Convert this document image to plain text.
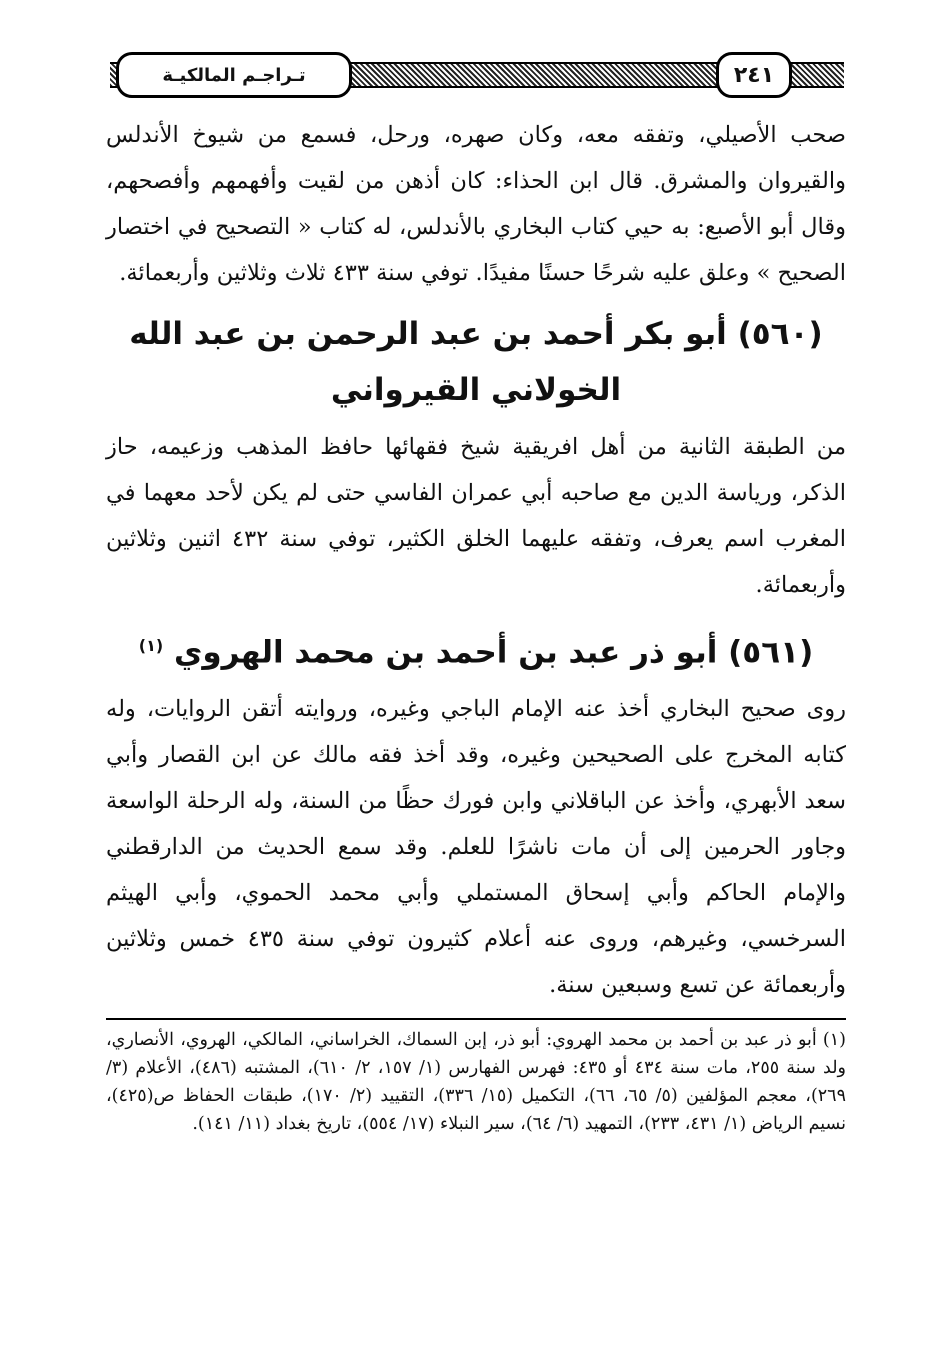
تـراجـم المالكيـة	٢٤١

صحب الأصيلي، وتفقه معه، وكان صهره، ورحل، فسمع من شيوخ الأندلس والقيروان والمشرق. قال ابن الحذاء: كان أذهن من لقيت وأفهمهم وأفصحهم، وقال أبو الأصبع: به حيي كتاب البخاري بالأندلس، له كتاب « التصحيح في اختصار الصحيح » وعلق عليه شرحًا حسنًا مفيدًا. توفي سنة ٤٣٣ ثلاث وثلاثين وأربعمائة.

(٥٦٠) أبو بكر أحمد بن عبد الرحمن بن عبد الله الخولاني القيرواني

من الطبقة الثانية من أهل افريقية شيخ فقهائها حافظ المذهب وزعيمه، حاز الذكر، ورياسة الدين مع صاحبه أبي عمران الفاسي حتى لم يكن لأحد معهما في المغرب اسم يعرف، وتفقه عليهما الخلق الكثير، توفي سنة ٤٣٢ اثنين وثلاثين وأربعمائة.

(٥٦١) أبو ذر عبد بن أحمد بن محمد الهروي $^{(١)}$

روى صحيح البخاري أخذ عنه الإمام الباجي وغيره، وروايته أتقن الروايات، وله كتابه المخرج على الصحيحين وغيره، وقد أخذ فقه مالك عن ابن القصار وأبي سعد الأبهري، وأخذ عن الباقلاني وابن فورك حظًا من السنة، وله الرحلة الواسعة وجاور الحرمين إلى أن مات ناشرًا للعلم. وقد سمع الحديث من الدارقطني والإمام الحاكم وأبي إسحاق المستملي وأبي محمد الحموي، وأبي الهيثم السرخسي، وغيرهم، وروى عنه أعلام كثيرون توفي سنة ٤٣٥ خمس وثلاثين وأربعمائة عن تسع وسبعين سنة.

(١) أبو ذر عبد بن أحمد بن محمد الهروي: أبو ذر، إبن السماك، الخراساني، المالكي، الهروي، الأنصاري، ولد سنة ٢٥٥، مات سنة ٤٣٤ أو ٤٣٥: فهرس الفهارس (١/ ١٥٧، ٢/ ٦١٠)، المشتبه (٤٨٦)، الأعلام (٣/ ٢٦٩)، معجم المؤلفين (٥/ ٦٥، ٦٦)، التكميل (١٥/ ٣٣٦)، التقييد (٢/ ١٧٠)، طبقات الحفاظ ص(٤٢٥)، نسيم الرياض (١/ ٤٣١، ٢٣٣)، التمهيد (٦/ ٦٤)، سير النبلاء (١٧/ ٥٥٤)، تاريخ بغداد (١١/ ١٤١).
